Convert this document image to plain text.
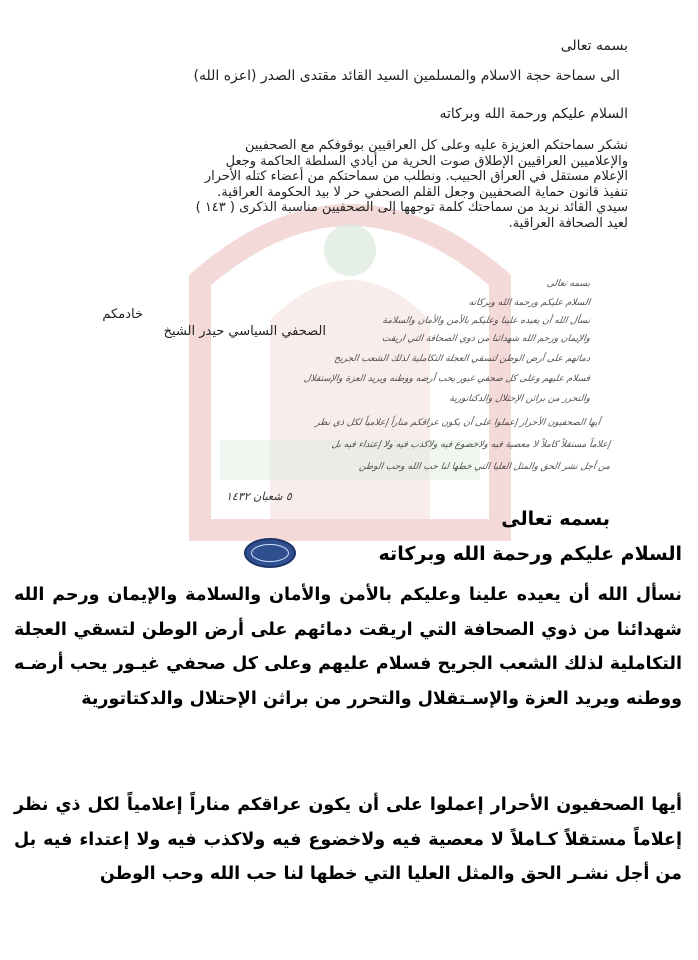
بسمه تعالى
الى سماحة حجة الاسلام والمسلمين السيد القائد مقتدى الصدر (اعزه الله)
السلام عليكم ورحمة الله وبركاته
نشكر سماحتكم العزيزة عليه وعلى كل العراقيين بوقوفكم مع الصحفيين
والإعلاميين العراقيين الإطلاق صوت الحرية من أيادي السلطة الحاكمة وجعل
الإعلام مستقل في العراق الحبيب. ونطلب من سماحتكم من أعضاء كتله الأحرار
تنفيذ قانون حماية الصحفيين وجعل القلم الصحفي حر لا بيد الحكومة العراقية.
سيدي القائد نريد من سماحتك كلمة توجهها إلى الصحفيين مناسبة الذكرى ( ١٤٣ )
لعيد الصحافة العراقية.
خادمكم
الصحفي السياسي حيدر الشيخ
بسمه تعالى
السلام عليكم ورحمة الله وبركاته
نسأل الله أن يعيده علينا وعليكم بالأمن والأمان والسلامة
والإيمان ورحم الله شهدائنا من ذوي الصحافة التي اريقت
دمائهم على أرض الوطن لتسقي العجلة التكاملية لذلك الشعب الجريح
فسلام عليهم وعلى كل صحفي غيور يحب أرضه ووطنه ويريد العزة والإستقلال
والتحرر من براثن الإحتلال والدكتاتورية
أيها الصحفيون الأحرار إعملوا على أن يكون عراقكم مناراً إعلامياً لكل ذي نظر
إعلاماً مستقلاً كاملاً لا معصية فيه ولاخضوع فيه ولاكذب فيه ولا إعتداء فيه بل
من أجل نشر الحق والمثل العليا التي خطها لنا حب الله وحب الوطن
٥ شعبان ١٤٣٢
بسمه تعالى
السلام عليكم ورحمة الله وبركاته
نسأل الله أن يعيده علينا وعليكم بالأمن والأمان والسلامة والإيمان ورحم الله شهدائنا من ذوي الصحافة التي اريقت دمائهم على أرض الوطن لتسقي العجلة التكاملية لذلك الشعب الجريح فسلام عليهم وعلى كل صحفي غيـور يحب أرضـه ووطنه ويريد العزة والإسـتقلال والتحرر من براثن الإحتلال والدكتاتورية
أيها الصحفيون الأحرار إعملوا على أن يكون عراقكم مناراً إعلامياً لكل ذي نظر إعلاماً مستقلاً كـاملاً لا معصية فيه ولاخضوع فيه ولاكذب فيه ولا إعتداء فيه بل من أجل نشـر الحق والمثل العليا التي خطها لنا حب الله وحب الوطن
